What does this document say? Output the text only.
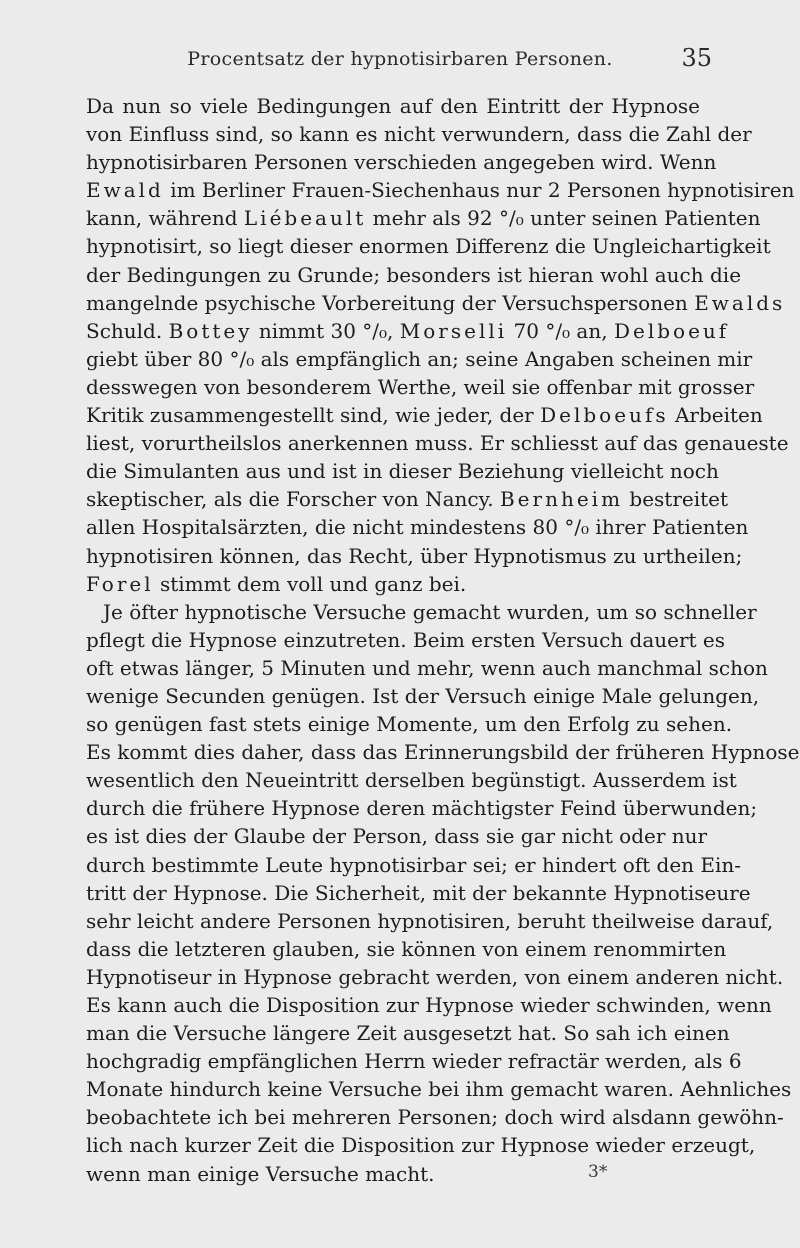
Procentsatz der hypnotisirbaren Personen.	35
Da nun so viele Bedingungen auf den Eintritt der Hypnose
von Einfluss sind, so kann es nicht verwundern, dass die Zahl der
hypnotisirbaren Personen verschieden angegeben wird. Wenn
Ewald im Berliner Frauen-Siechenhaus nur 2 Personen hypnotisiren
kann, während Liébeault mehr als 92 °/₀ unter seinen Patienten
hypnotisirt, so liegt dieser enormen Differenz die Ungleichartigkeit
der Bedingungen zu Grunde; besonders ist hieran wohl auch die
mangelnde psychische Vorbereitung der Versuchspersonen Ewalds
Schuld. Bottey nimmt 30 °/₀, Morselli 70 °/₀ an, Delboeuf
giebt über 80 °/₀ als empfänglich an; seine Angaben scheinen mir
desswegen von besonderem Werthe, weil sie offenbar mit grosser
Kritik zusammengestellt sind, wie jeder, der Delboeufs Arbeiten
liest, vorurtheilslos anerkennen muss. Er schliesst auf das genaueste
die Simulanten aus und ist in dieser Beziehung vielleicht noch
skeptischer, als die Forscher von Nancy. Bernheim bestreitet
allen Hospitalsärzten, die nicht mindestens 80 °/₀ ihrer Patienten
hypnotisiren können, das Recht, über Hypnotismus zu urtheilen;
Forel stimmt dem voll und ganz bei.
Je öfter hypnotische Versuche gemacht wurden, um so schneller
pflegt die Hypnose einzutreten. Beim ersten Versuch dauert es
oft etwas länger, 5 Minuten und mehr, wenn auch manchmal schon
wenige Secunden genügen. Ist der Versuch einige Male gelungen,
so genügen fast stets einige Momente, um den Erfolg zu sehen.
Es kommt dies daher, dass das Erinnerungsbild der früheren Hypnose
wesentlich den Neueintritt derselben begünstigt. Ausserdem ist
durch die frühere Hypnose deren mächtigster Feind überwunden;
es ist dies der Glaube der Person, dass sie gar nicht oder nur
durch bestimmte Leute hypnotisirbar sei; er hindert oft den Ein-
tritt der Hypnose. Die Sicherheit, mit der bekannte Hypnotiseure
sehr leicht andere Personen hypnotisiren, beruht theilweise darauf,
dass die letzteren glauben, sie können von einem renommirten
Hypnotiseur in Hypnose gebracht werden, von einem anderen nicht.
Es kann auch die Disposition zur Hypnose wieder schwinden, wenn
man die Versuche längere Zeit ausgesetzt hat. So sah ich einen
hochgradig empfänglichen Herrn wieder refractär werden, als 6
Monate hindurch keine Versuche bei ihm gemacht waren. Aehnliches
beobachtete ich bei mehreren Personen; doch wird alsdann gewöhn-
lich nach kurzer Zeit die Disposition zur Hypnose wieder erzeugt,
wenn man einige Versuche macht.	3*
